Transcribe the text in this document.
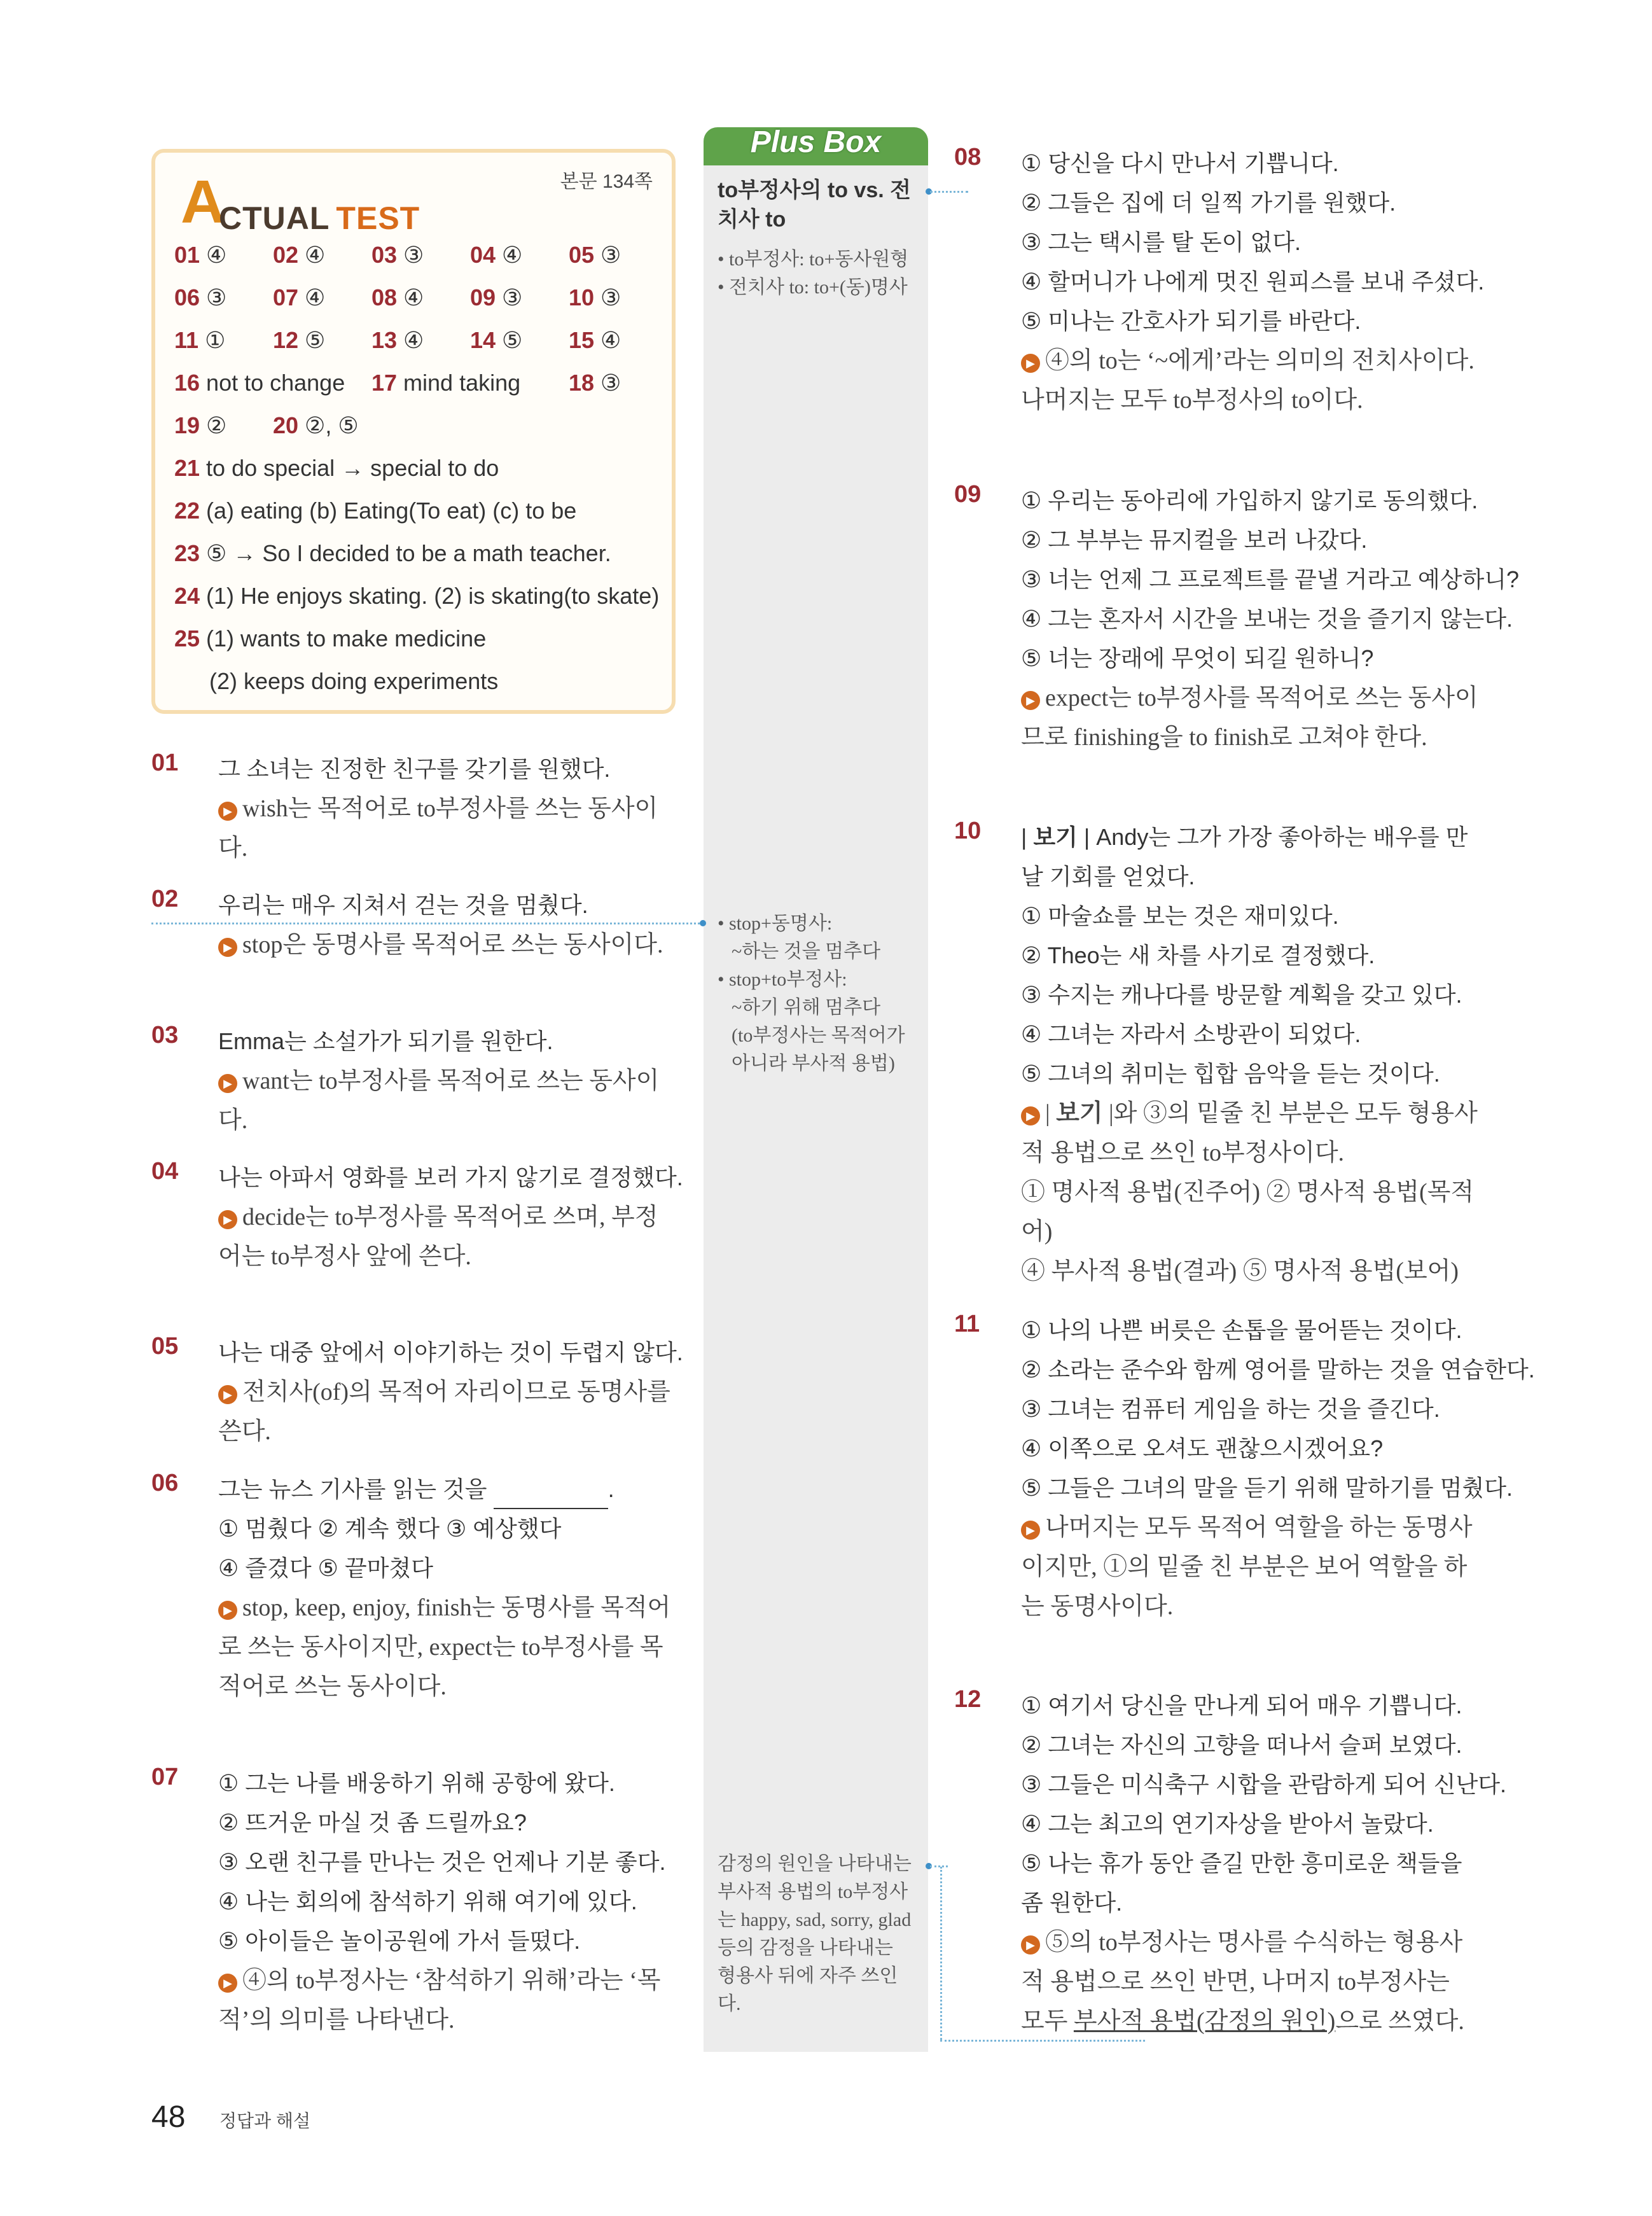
본문 134쪽
A
CTUAL TEST
01 ④ 02 ④ 03 ③ 04 ④ 05 ③
06 ③ 07 ④ 08 ④ 09 ③ 10 ③
11 ① 12 ⑤ 13 ④ 14 ⑤ 15 ④
16 not to change 17 mind taking 18 ③
19 ② 20 ②, ⑤
21 to do special → special to do
22 (a) eating (b) Eating(To eat) (c) to be
23 ⑤ → So I decided to be a math teacher.
24 (1) He enjoys skating. (2) is skating(to skate)
25 (1) wants to make medicine
(2) keeps doing experiments
Plus Box
to부정사의 to vs. 전치사 to
• to부정사: to+동사원형
• 전치사 to: to+(동)명사
• stop+동명사:
~하는 것을 멈추다
• stop+to부정사:
~하기 위해 멈추다
(to부정사는 목적어가
아니라 부사적 용법)
감정의 원인을 나타내는 부사적 용법의 to부정사는 happy, sad, sorry, glad 등의 감정을 나타내는 형용사 뒤에 자주 쓰인다.
01 그 소녀는 진정한 친구를 갖기를 원했다.
▶ wish는 목적어로 to부정사를 쓰는 동사이다.
02 우리는 매우 지쳐서 걷는 것을 멈췄다.
▶ stop은 동명사를 목적어로 쓰는 동사이다.
03 Emma는 소설가가 되기를 원한다.
▶ want는 to부정사를 목적어로 쓰는 동사이다.
04 나는 아파서 영화를 보러 가지 않기로 결정했다.
▶ decide는 to부정사를 목적어로 쓰며, 부정어는 to부정사 앞에 쓴다.
05 나는 대중 앞에서 이야기하는 것이 두렵지 않다.
▶ 전치사(of)의 목적어 자리이므로 동명사를 쓴다.
06 그는 뉴스 기사를 읽는 것을	.
① 멈췄다 ② 계속 했다 ③ 예상했다
④ 즐겼다 ⑤ 끝마쳤다
▶ stop, keep, enjoy, finish는 동명사를 목적어로 쓰는 동사이지만, expect는 to부정사를 목적어로 쓰는 동사이다.
07 ① 그는 나를 배웅하기 위해 공항에 왔다.
② 뜨거운 마실 것 좀 드릴까요?
③ 오랜 친구를 만나는 것은 언제나 기분 좋다.
④ 나는 회의에 참석하기 위해 여기에 있다.
⑤ 아이들은 놀이공원에 가서 들떴다.
▶ ④의 to부정사는 ‘참석하기 위해’라는 ‘목적’의 의미를 나타낸다.
08 ① 당신을 다시 만나서 기쁩니다.
② 그들은 집에 더 일찍 가기를 원했다.
③ 그는 택시를 탈 돈이 없다.
④ 할머니가 나에게 멋진 원피스를 보내 주셨다.
⑤ 미나는 간호사가 되기를 바란다.
▶ ④의 to는 ‘~에게’라는 의미의 전치사이다. 나머지는 모두 to부정사의 to이다.
09 ① 우리는 동아리에 가입하지 않기로 동의했다.
② 그 부부는 뮤지컬을 보러 나갔다.
③ 너는 언제 그 프로젝트를 끝낼 거라고 예상하니?
④ 그는 혼자서 시간을 보내는 것을 즐기지 않는다.
⑤ 너는 장래에 무엇이 되길 원하니?
▶ expect는 to부정사를 목적어로 쓰는 동사이므로 finishing을 to finish로 고쳐야 한다.
10 | 보기 | Andy는 그가 가장 좋아하는 배우를 만날 기회를 얻었다.
① 마술쇼를 보는 것은 재미있다.
② Theo는 새 차를 사기로 결정했다.
③ 수지는 캐나다를 방문할 계획을 갖고 있다.
④ 그녀는 자라서 소방관이 되었다.
⑤ 그녀의 취미는 힙합 음악을 듣는 것이다.
▶ | 보기 |와 ③의 밑줄 친 부분은 모두 형용사적 용법으로 쓰인 to부정사이다.
① 명사적 용법(진주어) ② 명사적 용법(목적어)
④ 부사적 용법(결과) ⑤ 명사적 용법(보어)
11 ① 나의 나쁜 버릇은 손톱을 물어뜯는 것이다.
② 소라는 준수와 함께 영어를 말하는 것을 연습한다.
③ 그녀는 컴퓨터 게임을 하는 것을 즐긴다.
④ 이쪽으로 오셔도 괜찮으시겠어요?
⑤ 그들은 그녀의 말을 듣기 위해 말하기를 멈췄다.
▶ 나머지는 모두 목적어 역할을 하는 동명사이지만, ①의 밑줄 친 부분은 보어 역할을 하는 동명사이다.
12 ① 여기서 당신을 만나게 되어 매우 기쁩니다.
② 그녀는 자신의 고향을 떠나서 슬퍼 보였다.
③ 그들은 미식축구 시합을 관람하게 되어 신난다.
④ 그는 최고의 연기자상을 받아서 놀랐다.
⑤ 나는 휴가 동안 즐길 만한 흥미로운 책들을 좀 원한다.
▶ ⑤의 to부정사는 명사를 수식하는 형용사적 용법으로 쓰인 반면, 나머지 to부정사는 모두 부사적 용법(감정의 원인)으로 쓰였다.
48 정답과 해설
